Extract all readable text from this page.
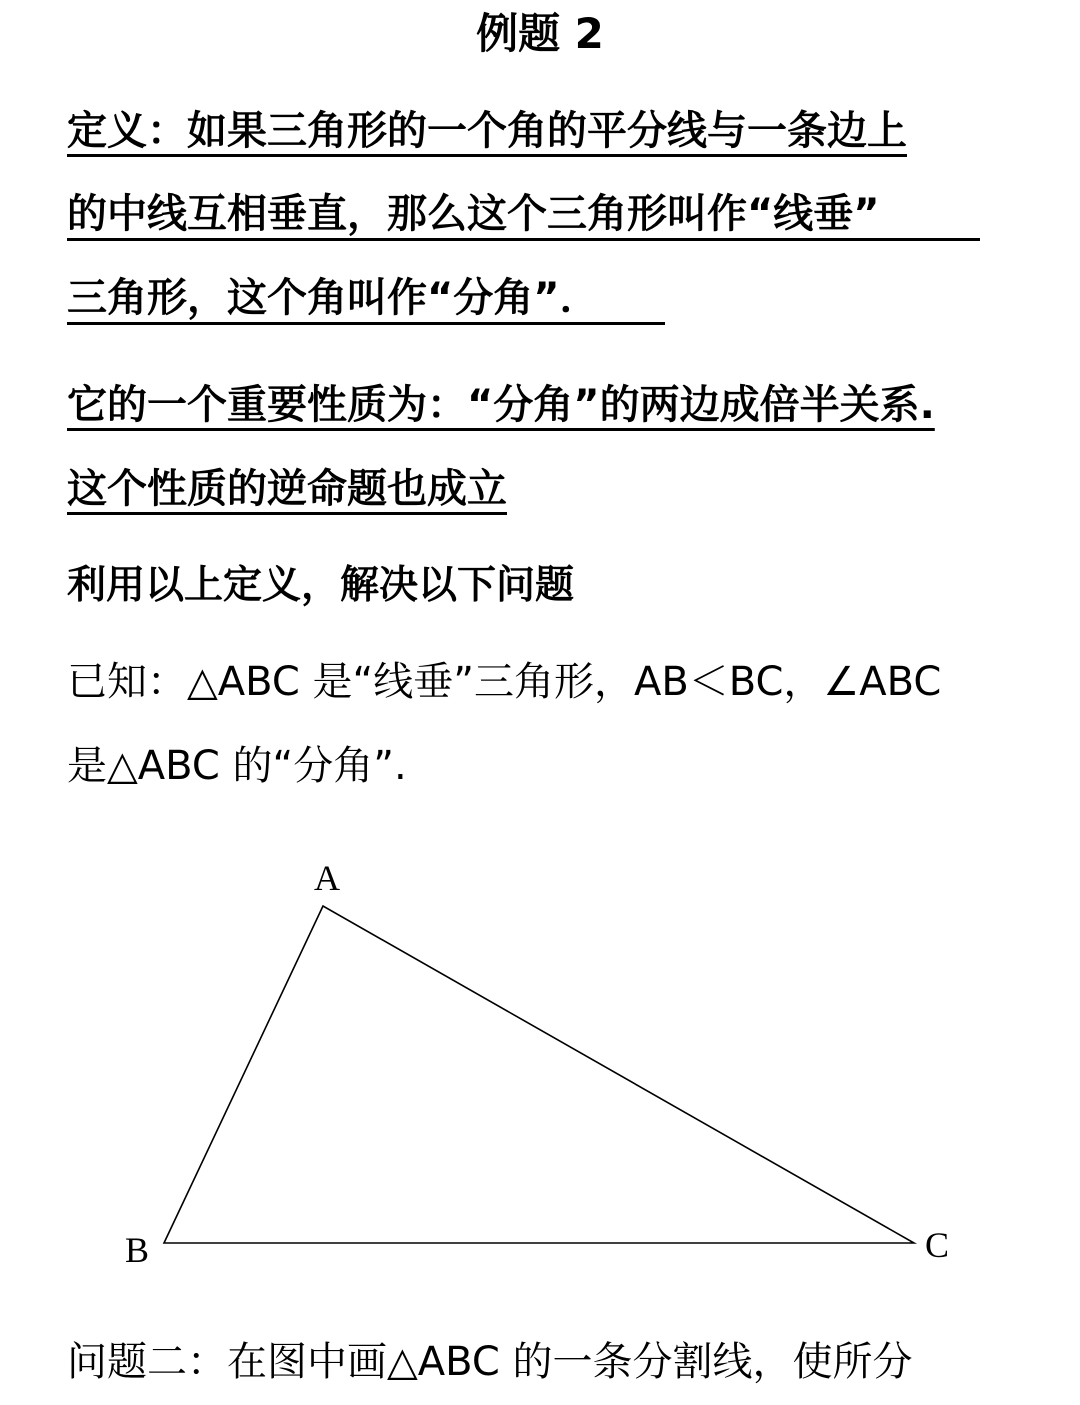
例题 2
定义：如果三角形的一个角的平分线与一条边上
的中线互相垂直，那么这个三角形叫作“线垂”
三角形，这个角叫作“分角”．
它的一个重要性质为：“分角”的两边成倍半关系.
这个性质的逆命题也成立
利用以上定义，解决以下问题
已知：△ABC 是“线垂”三角形，AB＜BC，∠ABC
是△ABC 的“分角”.
A
B	C
问题二：在图中画△ABC 的一条分割线，使所分
